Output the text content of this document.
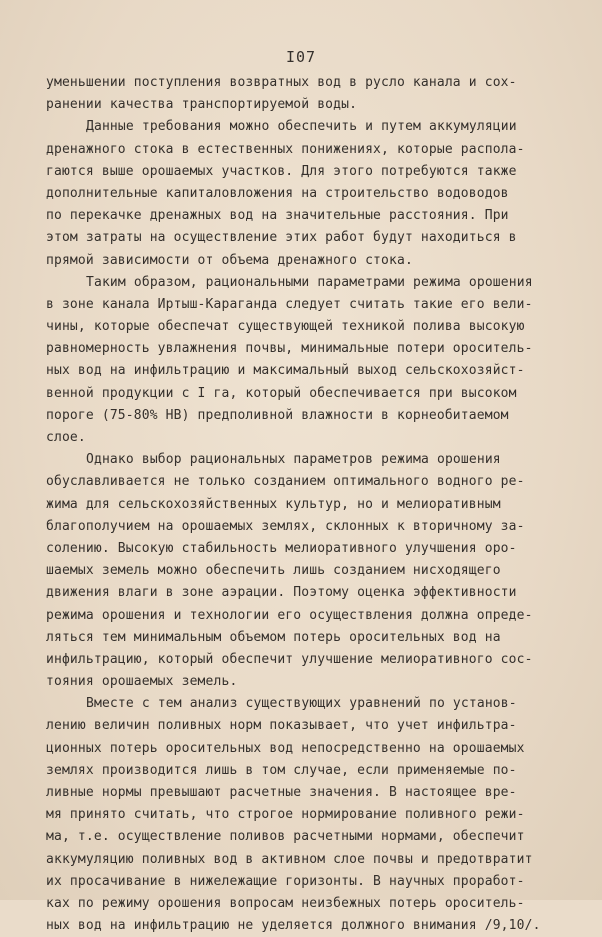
I07
уменьшении поступления возвратных вод в русло канала и сох-
ранении качества транспортируемой воды.
Данные требования можно обеспечить и путем аккумуляции
дренажного стока в естественных понижениях, которые распола-
гаются выше орошаемых участков. Для этого потребуются также
дополнительные капиталовложения на строительство водоводов
по перекачке дренажных вод на значительные расстояния. При
этом затраты на осуществление этих работ будут находиться в
прямой зависимости от объема дренажного стока.
Таким образом, рациональными параметрами режима орошения
в зоне канала Иртыш-Караганда следует считать такие его вели-
чины, которые обеспечат существующей техникой полива высокую
равномерность увлажнения почвы, минимальные потери ороситель-
ных вод на инфильтрацию и максимальный выход сельскохозяйст-
венной продукции с I га, который обеспечивается при высоком
пороге (75-80% НВ) предполивной влажности в корнеобитаемом
слое.
Однако выбор рациональных параметров режима орошения
обуславливается не только созданием оптимального водного ре-
жима для сельскохозяйственных культур, но и мелиоративным
благополучием на орошаемых землях, склонных к вторичному за-
солению. Высокую стабильность мелиоративного улучшения оро-
шаемых земель можно обеспечить лишь созданием нисходящего
движения влаги в зоне аэрации. Поэтому оценка эффективности
режима орошения и технологии его осуществления должна опреде-
ляться тем минимальным объемом потерь оросительных вод на
инфильтрацию, который обеспечит улучшение мелиоративного сос-
тояния орошаемых земель.
Вместе с тем анализ существующих уравнений по установ-
лению величин поливных норм показывает, что учет инфильтра-
ционных потерь оросительных вод непосредственно на орошаемых
землях производится лишь в том случае, если применяемые по-
ливные нормы превышают расчетные значения. В настоящее вре-
мя принято считать, что строгое нормирование поливного режи-
ма, т.е. осуществление поливов расчетными нормами, обеспечит
аккумуляцию поливных вод в активном слое почвы и предотвратит
их просачивание в нижележащие горизонты. В научных проработ-
ках по режиму орошения вопросам неизбежных потерь ороситель-
ных вод на инфильтрацию не уделяется должного внимания /9,10/.
